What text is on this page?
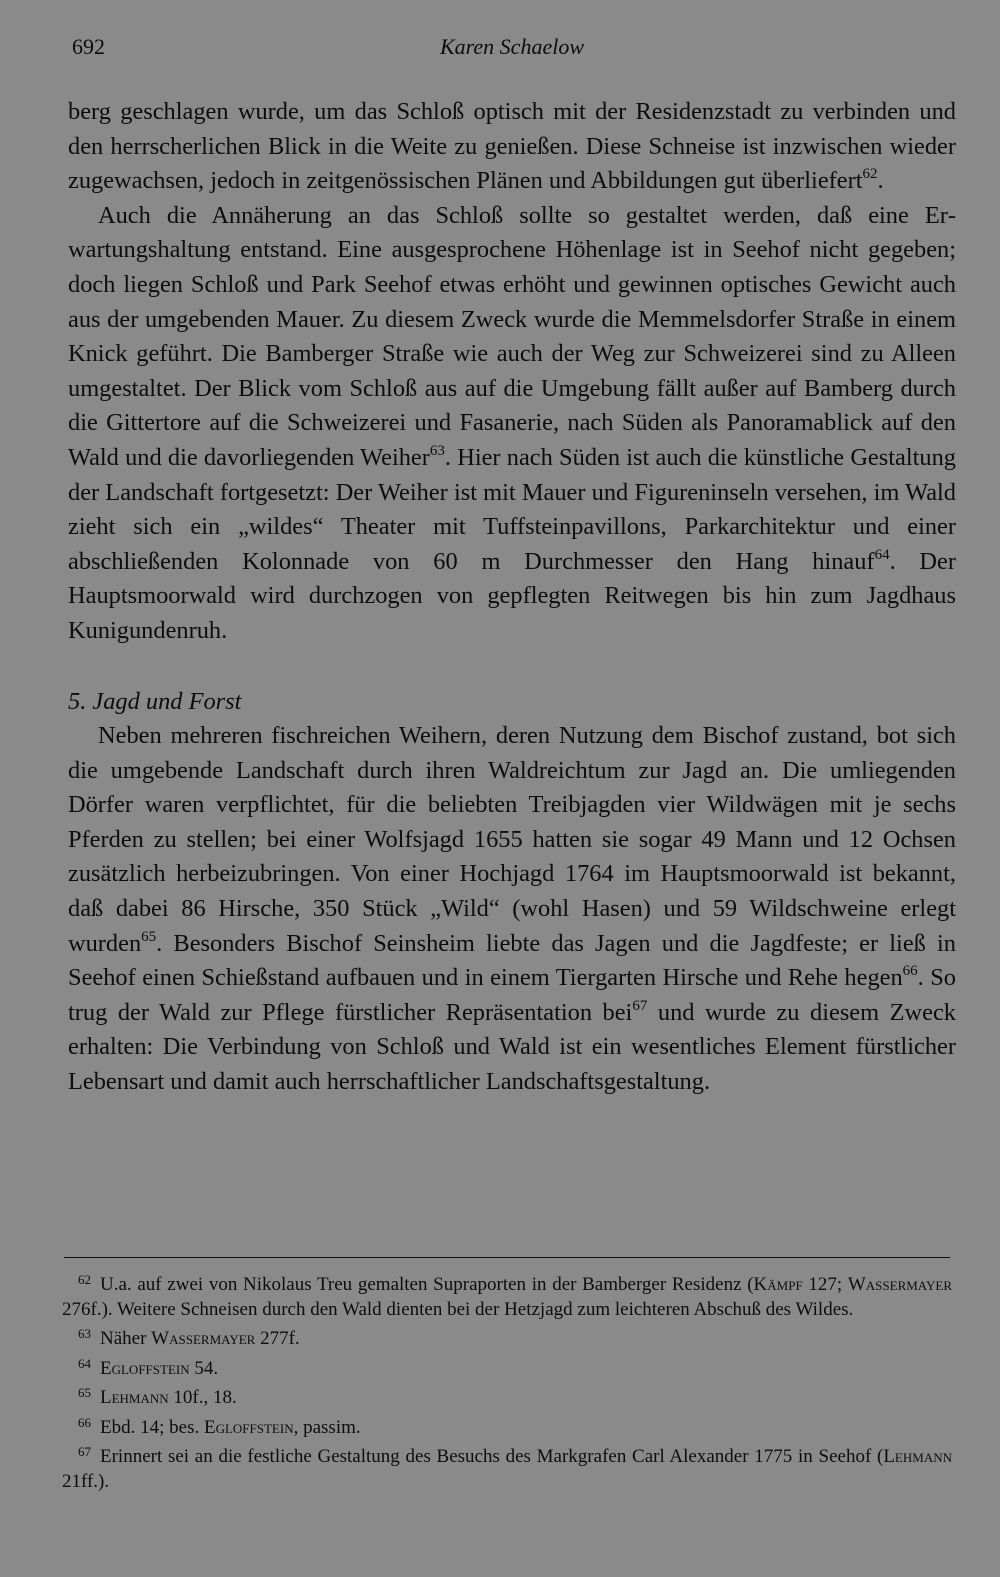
692	Karen Schaelow

berg geschlagen wurde, um das Schloß optisch mit der Residenzstadt zu verbinden und den herrscherlichen Blick in die Weite zu genießen. Diese Schneise ist inzwischen wieder zugewachsen, jedoch in zeitgenössischen Plänen und Abbildungen gut überliefert$^{62}$.

Auch die Annäherung an das Schloß sollte so gestaltet werden, daß eine Erwartungshaltung entstand. Eine ausgesprochene Höhenlage ist in Seehof nicht gegeben; doch liegen Schloß und Park Seehof etwas erhöht und gewinnen optisches Gewicht auch aus der umgebenden Mauer. Zu diesem Zweck wurde die Memmelsdorfer Straße in einem Knick geführt. Die Bamberger Straße wie auch der Weg zur Schweizerei sind zu Alleen umgestaltet. Der Blick vom Schloß aus auf die Umgebung fällt außer auf Bamberg durch die Gittertore auf die Schweizerei und Fasanerie, nach Süden als Panoramablick auf den Wald und die davorliegenden Weiher$^{63}$. Hier nach Süden ist auch die künstliche Gestaltung der Landschaft fortgesetzt: Der Weiher ist mit Mauer und Figureninseln versehen, im Wald zieht sich ein „wildes“ Theater mit Tuffsteinpavillons, Parkarchitektur und einer abschließenden Kolonnade von 60 m Durchmesser den Hang hinauf$^{64}$. Der Hauptsmoorwald wird durchzogen von gepflegten Reitwegen bis hin zum Jagdhaus Kunigundenruh.

5. Jagd und Forst

Neben mehreren fischreichen Weihern, deren Nutzung dem Bischof zustand, bot sich die umgebende Landschaft durch ihren Waldreichtum zur Jagd an. Die umliegenden Dörfer waren verpflichtet, für die beliebten Treibjagden vier Wildwägen mit je sechs Pferden zu stellen; bei einer Wolfsjagd 1655 hatten sie sogar 49 Mann und 12 Ochsen zusätzlich herbeizubringen. Von einer Hochjagd 1764 im Hauptsmoorwald ist bekannt, daß dabei 86 Hirsche, 350 Stück „Wild“ (wohl Hasen) und 59 Wildschweine erlegt wurden$^{65}$. Besonders Bischof Seinsheim liebte das Jagen und die Jagdfeste; er ließ in Seehof einen Schießstand aufbauen und in einem Tiergarten Hirsche und Rehe hegen$^{66}$. So trug der Wald zur Pflege fürstlicher Repräsentation bei$^{67}$ und wurde zu diesem Zweck erhalten: Die Verbindung von Schloß und Wald ist ein wesentliches Element fürstlicher Lebensart und damit auch herrschaftlicher Landschaftsgestaltung.

$^{62}$ U.a. auf zwei von Nikolaus Treu gemalten Supraporten in der Bamberger Residenz (Kämpf 127; Wassermayer 276f.). Weitere Schneisen durch den Wald dienten bei der Hetzjagd zum leichteren Abschuß des Wildes.

$^{63}$ Näher Wassermayer 277f.

$^{64}$ Egloffstein 54.

$^{65}$ Lehmann 10f., 18.

$^{66}$ Ebd. 14; bes. Egloffstein, passim.

$^{67}$ Erinnert sei an die festliche Gestaltung des Besuchs des Markgrafen Carl Alexander 1775 in Seehof (Lehmann 21ff.).
